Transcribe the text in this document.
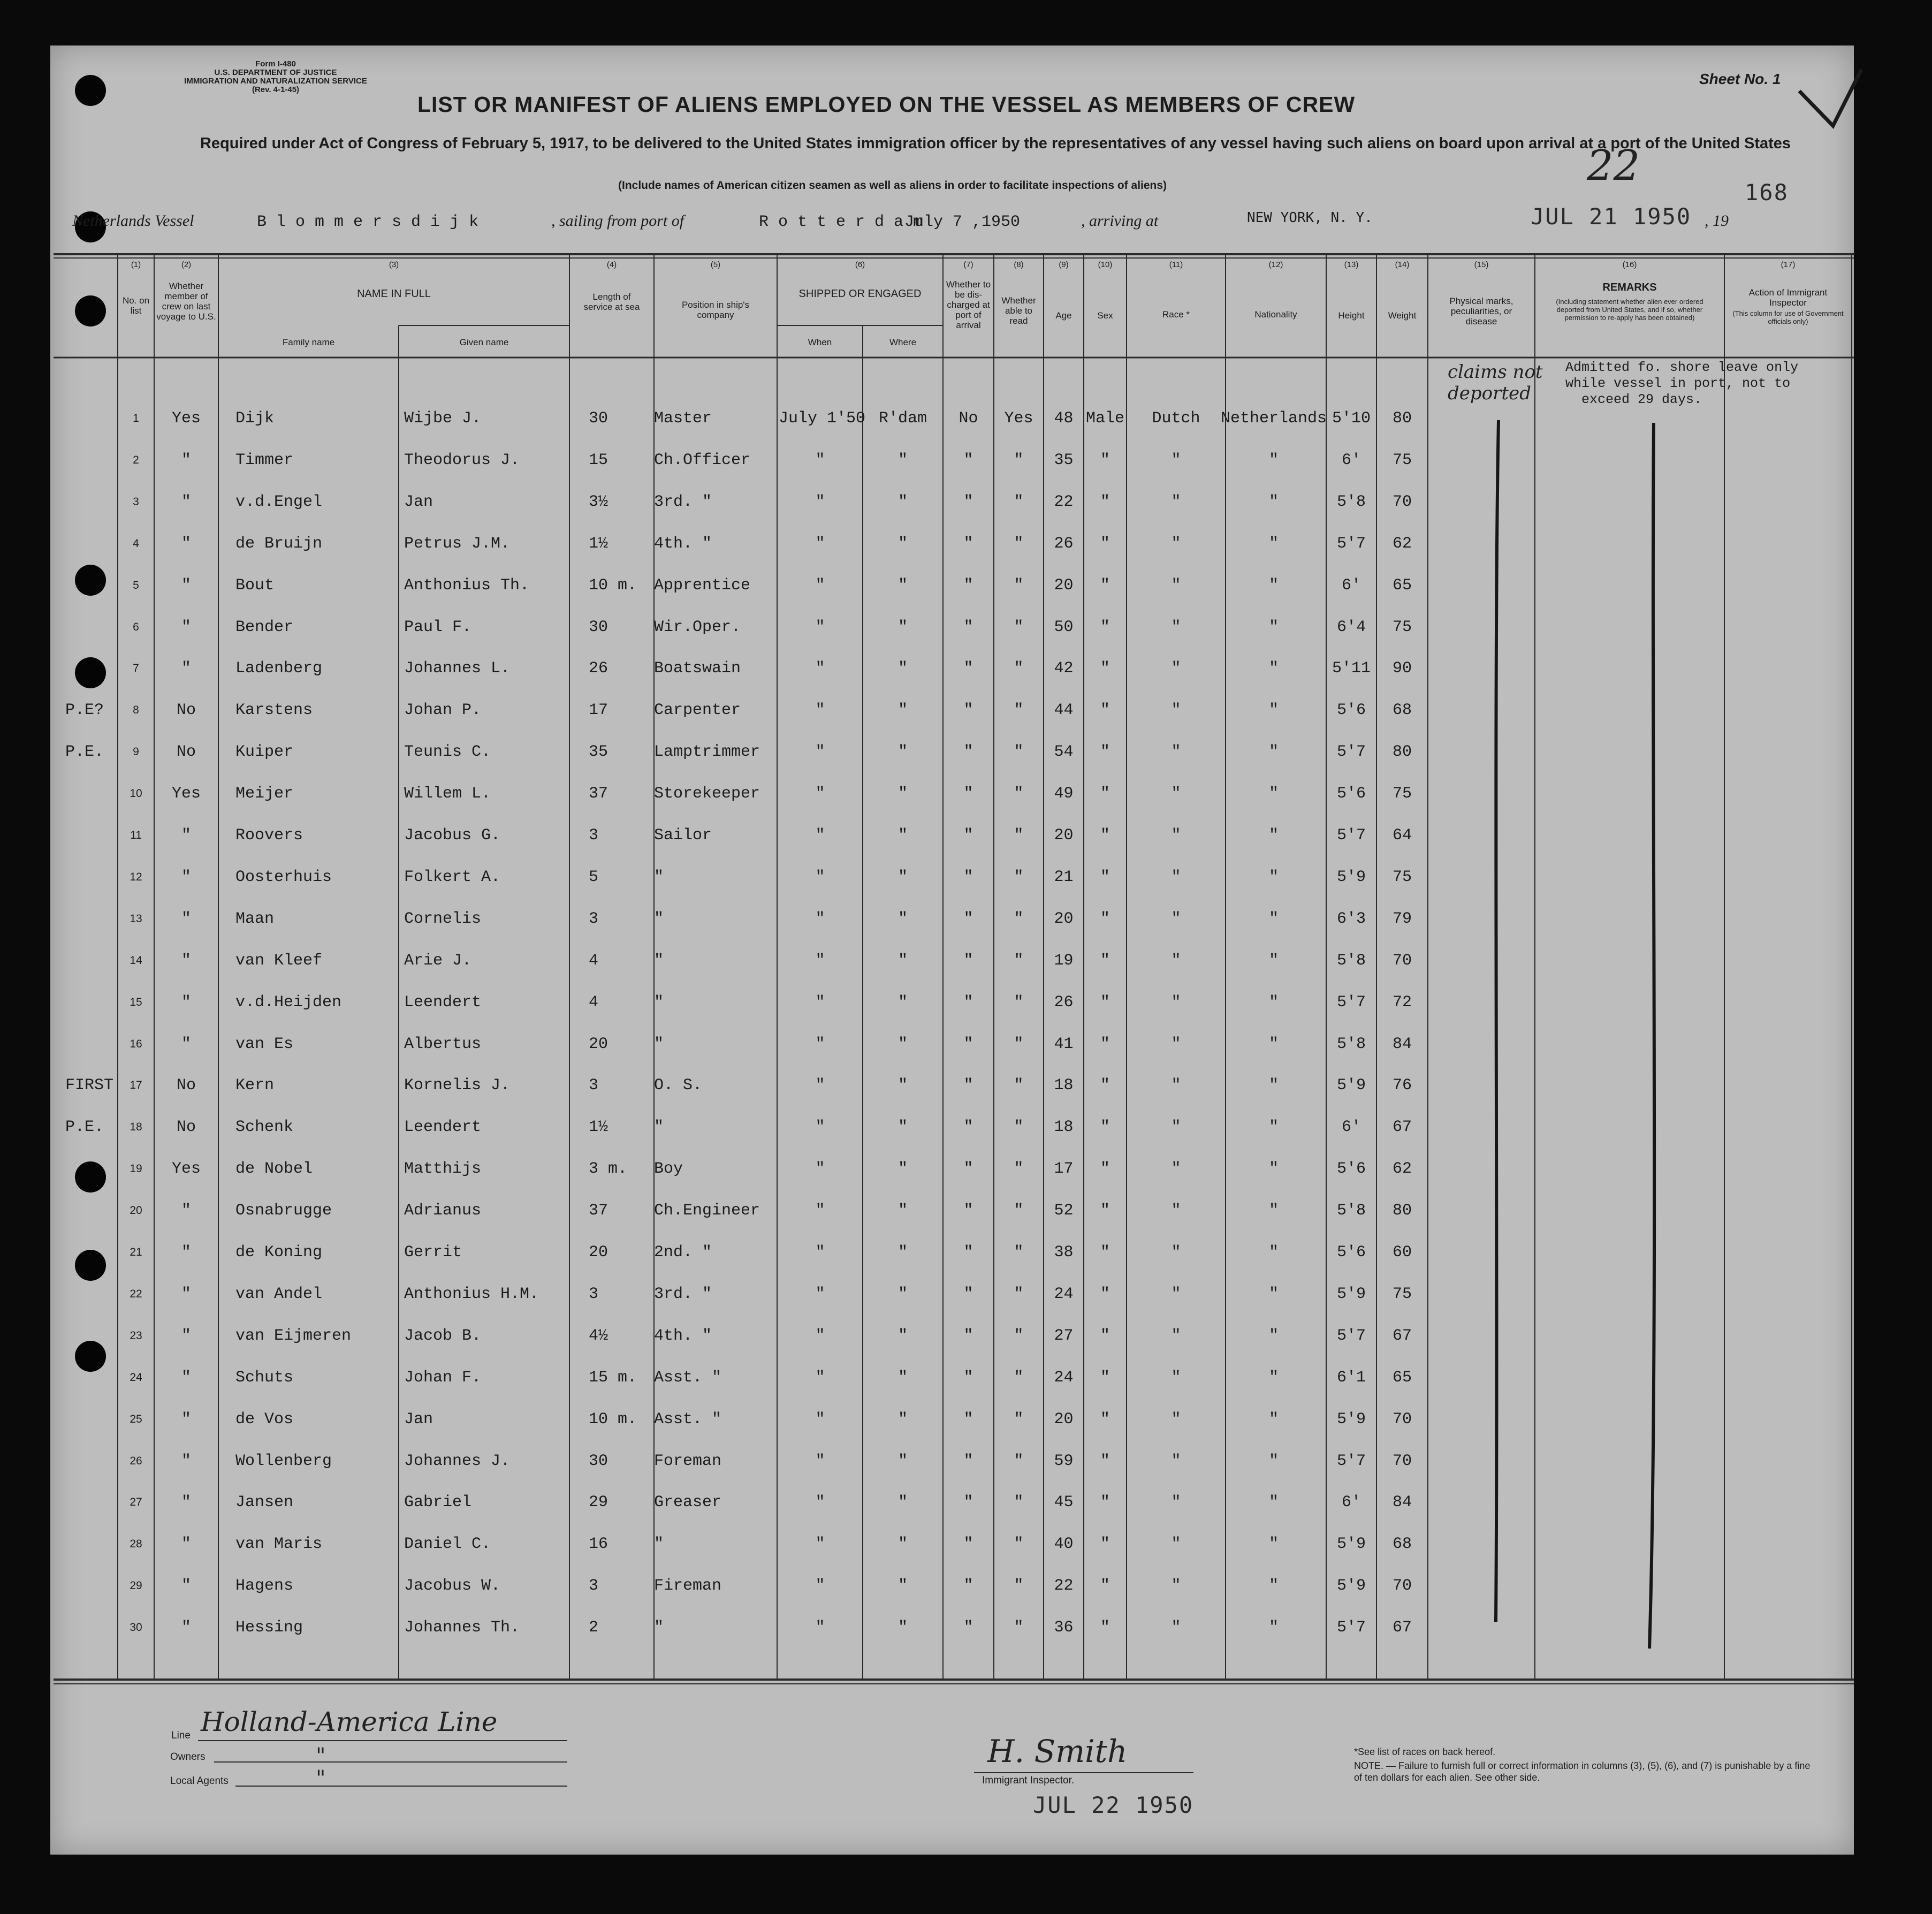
Form I-480
U.S. DEPARTMENT OF JUSTICE
IMMIGRATION AND NATURALIZATION SERVICE
(Rev. 4-1-45)
Sheet No. 1
LIST OR MANIFEST OF ALIENS EMPLOYED ON THE VESSEL AS MEMBERS OF CREW
Required under Act of Congress of February 5, 1917, to be delivered to the United States immigration officer by the representatives of any vessel having such aliens on board upon arrival at a port of the United States
(Include names of American citizen seamen as well as aliens in order to facilitate inspections of aliens)	22
168
Netherlands Vessel	B l o m m e r s d i j k	, sailing from port of	R o t t e r d a m
July 7 ,1950	, arriving at	NEW YORK, N. Y.	JUL 21 1950 , 19
(1)	(2)	(3)	(4)	(5)	(6)	(7)	(8)	(9)	(10)	(11)	(12)	(13)	(14)	(15)	(16)	(17)
No. on list
Whether member of crew on last voyage to U.S.
NAME IN FULL
Family name	Given name
Length of service at sea	Position in ship's company
SHIPPED OR ENGAGED
When	Where
Whether to be dis-charged at port of arrival
Whether able to read
Age	Sex	Race *	Nationality	Height	Weight
Physical marks, peculiarities, or disease
REMARKS
(Including statement whether alien ever ordered deported from United States, and if so, whether permission to re-apply has been obtained)
Action of Immigrant Inspector
(This column for use of Government officials only)
claims not deported
Admitted fo. shore leave only
while vessel in port, not to
exceed 29 days.
1	Yes	Dijk	Wijbe J.	30	Master	July 1'50 R'dam	No	Yes	48 Male	Dutch	Netherlands 5'10	80
2	"	Timmer	Theodorus J.	15	Ch.Officer	"	"	"	"	35	"	"	"	6'	75
3	"	v.d.Engel	Jan	3½	3rd. "	"	"	"	"	22	"	"	"	5'8	70
4	"	de Bruijn	Petrus J.M.	1½	4th. "	"	"	"	"	26	"	"	"	5'7	62
5	"	Bout	Anthonius Th.	10 m.	Apprentice	"	"	"	"	20	"	"	"	6'	65
6	"	Bender	Paul F.	30	Wir.Oper.	"	"	"	"	50	"	"	"	6'4	75
7	"	Ladenberg	Johannes L.	26	Boatswain	"	"	"	"	42	"	"	"	5'11	90
P.E?	8	No	Karstens	Johan P.	17	Carpenter	"	"	"	"	44	"	"	"	5'6	68
P.E.	9	No	Kuiper	Teunis C.	35	Lamptrimmer	"	"	"	"	54	"	"	"	5'7	80
10	Yes	Meijer	Willem L.	37	Storekeeper	"	"	"	"	49	"	"	"	5'6	75
11	"	Roovers	Jacobus G.	3	Sailor	"	"	"	"	20	"	"	"	5'7	64
12	"	Oosterhuis	Folkert A.	5	"	"	"	"	"	21	"	"	"	5'9	75
13	"	Maan	Cornelis	3	"	"	"	"	"	20	"	"	"	6'3	79
14	"	van Kleef	Arie J.	4	"	"	"	"	"	19	"	"	"	5'8	70
15	"	v.d.Heijden	Leendert	4	"	"	"	"	"	26	"	"	"	5'7	72
16	"	van Es	Albertus	20	"	"	"	"	"	41	"	"	"	5'8	84
FIRST	17	No	Kern	Kornelis J.	3	O. S.	"	"	"	"	18	"	"	"	5'9	76
P.E.	18	No	Schenk	Leendert	1½	"	"	"	"	"	18	"	"	"	6'	67
19	Yes	de Nobel	Matthijs	3 m.	Boy	"	"	"	"	17	"	"	"	5'6	62
20	"	Osnabrugge	Adrianus	37	Ch.Engineer	"	"	"	"	52	"	"	"	5'8	80
21	"	de Koning	Gerrit	20	2nd. "	"	"	"	"	38	"	"	"	5'6	60
22	"	van Andel	Anthonius H.M.	3	3rd. "	"	"	"	"	24	"	"	"	5'9	75
23	"	van Eijmeren	Jacob B.	4½	4th. "	"	"	"	"	27	"	"	"	5'7	67
24	"	Schuts	Johan F.	15 m.	Asst. "	"	"	"	"	24	"	"	"	6'1	65
25	"	de Vos	Jan	10 m.	Asst. "	"	"	"	"	20	"	"	"	5'9	70
26	"	Wollenberg	Johannes J.	30	Foreman	"	"	"	"	59	"	"	"	5'7	70
27	"	Jansen	Gabriel	29	Greaser	"	"	"	"	45	"	"	"	6'	84
28	"	van Maris	Daniel C.	16	"	"	"	"	"	40	"	"	"	5'9	68
29	"	Hagens	Jacobus W.	3	Fireman	"	"	"	"	22	"	"	"	5'9	70
30	"	Hessing	Johannes Th.	2	"	"	"	"	"	36	"	"	"	5'7	67
Line Holland-America Line
Owners	"
Local Agents	"
H. Smith
Immigrant Inspector.
JUL 22 1950
*See list of races on back hereof.
NOTE. — Failure to furnish full or correct information in columns (3), (5), (6), and (7) is punishable by a fine of ten dollars for each alien. See other side.
